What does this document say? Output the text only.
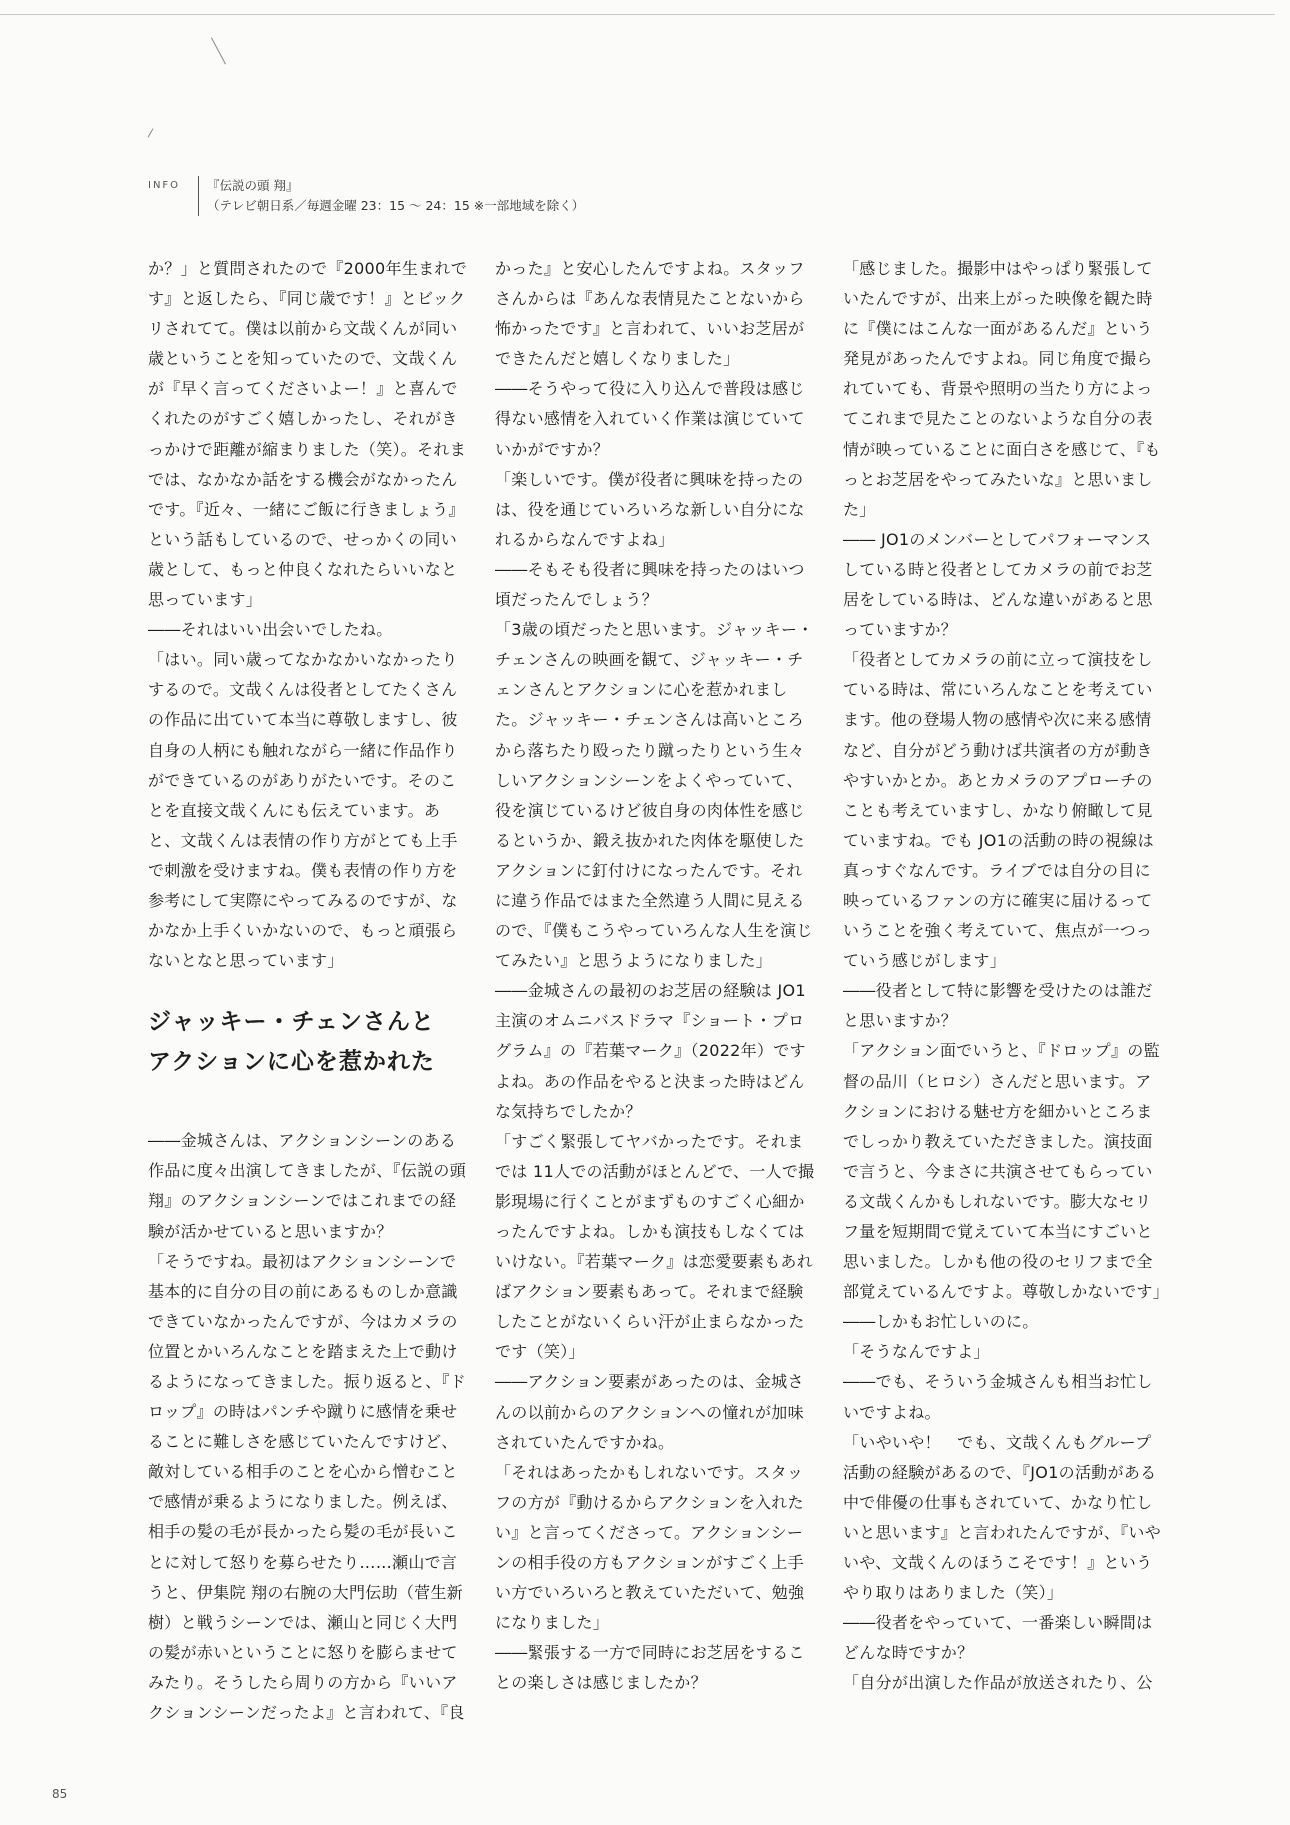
INFO	『伝説の頭 翔』
（テレビ朝日系／毎週金曜 23：15 〜 24：15 ※一部地域を除く）

か？」と質問されたので『2000年生まれです』と返したら、『同じ歳です！』とビックリされてて。僕は以前から文哉くんが同い歳ということを知っていたので、文哉くんが『早く言ってくださいよー！』と喜んでくれたのがすごく嬉しかったし、それがきっかけで距離が縮まりました（笑）。それまでは、なかなか話をする機会がなかったんです。『近々、一緒にご飯に行きましょう』という話もしているので、せっかくの同い歳として、もっと仲良くなれたらいいなと思っています」

――それはいい出会いでしたね。

「はい。同い歳ってなかなかいなかったりするので。文哉くんは役者としてたくさんの作品に出ていて本当に尊敬しますし、彼自身の人柄にも触れながら一緒に作品作りができているのがありがたいです。そのことを直接文哉くんにも伝えています。あと、文哉くんは表情の作り方がとても上手で刺激を受けますね。僕も表情の作り方を参考にして実際にやってみるのですが、なかなか上手くいかないので、もっと頑張らないとなと思っています」

ジャッキー・チェンさんと
アクションに心を惹かれた

――金城さんは、アクションシーンのある作品に度々出演してきましたが、『伝説の頭 翔』のアクションシーンではこれまでの経験が活かせていると思いますか？

「そうですね。最初はアクションシーンで基本的に自分の目の前にあるものしか意識できていなかったんですが、今はカメラの位置とかいろんなことを踏まえた上で動けるようになってきました。振り返ると、『ドロップ』の時はパンチや蹴りに感情を乗せることに難しさを感じていたんですけど、敵対している相手のことを心から憎むことで感情が乗るようになりました。例えば、相手の髪の毛が長かったら髪の毛が長いことに対して怒りを募らせたり……瀬山で言うと、伊集院 翔の右腕の大門伝助（菅生新樹）と戦うシーンでは、瀬山と同じく大門の髪が赤いということに怒りを膨らませてみたり。そうしたら周りの方から『いいアクションシーンだったよ』と言われて、『良

かった』と安心したんですよね。スタッフさんからは『あんな表情見たことないから怖かったです』と言われて、いいお芝居ができたんだと嬉しくなりました」

――そうやって役に入り込んで普段は感じ得ない感情を入れていく作業は演じていていかがですか？

「楽しいです。僕が役者に興味を持ったのは、役を通じていろいろな新しい自分になれるからなんですよね」

――そもそも役者に興味を持ったのはいつ頃だったんでしょう？

「3歳の頃だったと思います。ジャッキー・チェンさんの映画を観て、ジャッキー・チェンさんとアクションに心を惹かれました。ジャッキー・チェンさんは高いところから落ちたり殴ったり蹴ったりという生々しいアクションシーンをよくやっていて、役を演じているけど彼自身の肉体性を感じるというか、鍛え抜かれた肉体を駆使したアクションに釘付けになったんです。それに違う作品ではまた全然違う人間に見えるので、『僕もこうやっていろんな人生を演じてみたい』と思うようになりました」

――金城さんの最初のお芝居の経験は JO1主演のオムニバスドラマ『ショート・プログラム』の『若葉マーク』（2022年）ですよね。あの作品をやると決まった時はどんな気持ちでしたか？

「すごく緊張してヤバかったです。それまでは 11人での活動がほとんどで、一人で撮影現場に行くことがまずものすごく心細かったんですよね。しかも演技もしなくてはいけない。『若葉マーク』は恋愛要素もあればアクション要素もあって。それまで経験したことがないくらい汗が止まらなかったです（笑）」

――アクション要素があったのは、金城さんの以前からのアクションへの憧れが加味されていたんですかね。

「それはあったかもしれないです。スタッフの方が『動けるからアクションを入れたい』と言ってくださって。アクションシーンの相手役の方もアクションがすごく上手い方でいろいろと教えていただいて、勉強になりました」

――緊張する一方で同時にお芝居をすることの楽しさは感じましたか？

「感じました。撮影中はやっぱり緊張していたんですが、出来上がった映像を観た時に『僕にはこんな一面があるんだ』という発見があったんですよね。同じ角度で撮られていても、背景や照明の当たり方によってこれまで見たことのないような自分の表情が映っていることに面白さを感じて、『もっとお芝居をやってみたいな』と思いました」

―― JO1のメンバーとしてパフォーマンスしている時と役者としてカメラの前でお芝居をしている時は、どんな違いがあると思っていますか？

「役者としてカメラの前に立って演技をしている時は、常にいろんなことを考えています。他の登場人物の感情や次に来る感情など、自分がどう動けば共演者の方が動きやすいかとか。あとカメラのアプローチのことも考えていますし、かなり俯瞰して見ていますね。でも JO1の活動の時の視線は真っすぐなんです。ライブでは自分の目に映っているファンの方に確実に届けるっていうことを強く考えていて、焦点が一つっていう感じがします」

――役者として特に影響を受けたのは誰だと思いますか？

「アクション面でいうと、『ドロップ』の監督の品川（ヒロシ）さんだと思います。アクションにおける魅せ方を細かいところまでしっかり教えていただきました。演技面で言うと、今まさに共演させてもらっている文哉くんかもしれないです。膨大なセリフ量を短期間で覚えていて本当にすごいと思いました。しかも他の役のセリフまで全部覚えているんですよ。尊敬しかないです」

――しかもお忙しいのに。

「そうなんですよ」

――でも、そういう金城さんも相当お忙しいですよね。

「いやいや！　でも、文哉くんもグループ活動の経験があるので、『JO1の活動がある中で俳優の仕事もされていて、かなり忙しいと思います』と言われたんですが、『いやいや、文哉くんのほうこそです！』というやり取りはありました（笑）」

――役者をやっていて、一番楽しい瞬間はどんな時ですか？

「自分が出演した作品が放送されたり、公

85
